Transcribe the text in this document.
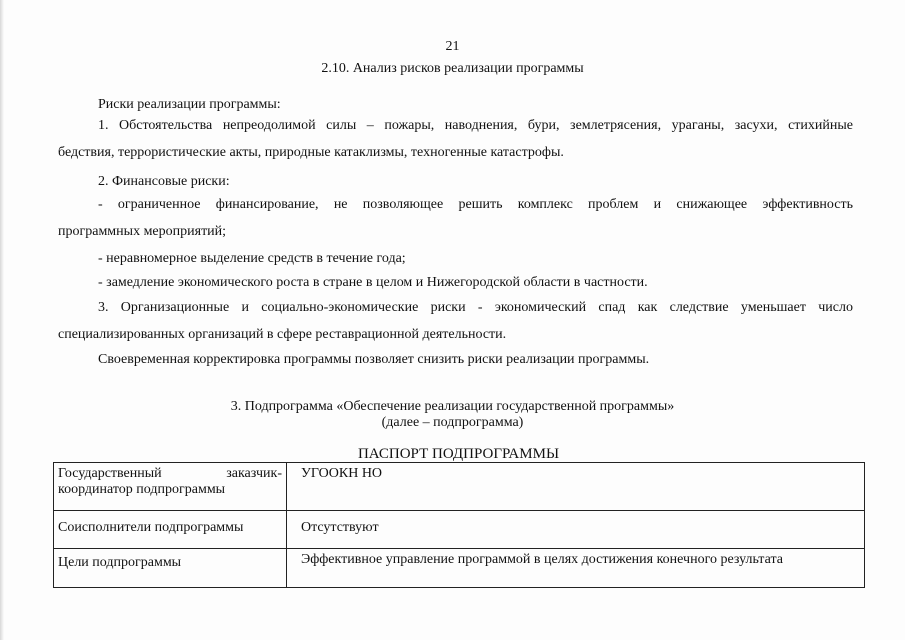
21
2.10. Анализ рисков реализации программы
Риски реализации программы:
1. Обстоятельства непреодолимой силы – пожары, наводнения, бури, землетрясения, ураганы, засухи, стихийные
бедствия, террористические акты, природные катаклизмы, техногенные катастрофы.
2. Финансовые риски:
- ограниченное финансирование, не позволяющее решить комплекс проблем и снижающее эффективность
программных мероприятий;
- неравномерное выделение средств в течение года;
- замедление экономического роста в стране в целом и Нижегородской области в частности.
3. Организационные и социально-экономические риски - экономический спад как следствие уменьшает число
специализированных организаций в сфере реставрационной деятельности.
Своевременная корректировка программы позволяет снизить риски реализации программы.
3. Подпрограмма «Обеспечение реализации государственной программы»
(далее – подпрограмма)
ПАСПОРТ ПОДПРОГРАММЫ
Государственный заказчик-
координатор подпрограммы	УГООКН НО
Соисполнители подпрограммы	Отсутствуют
Цели подпрограммы	Эффективное управление программой в целях достижения конечного результата
